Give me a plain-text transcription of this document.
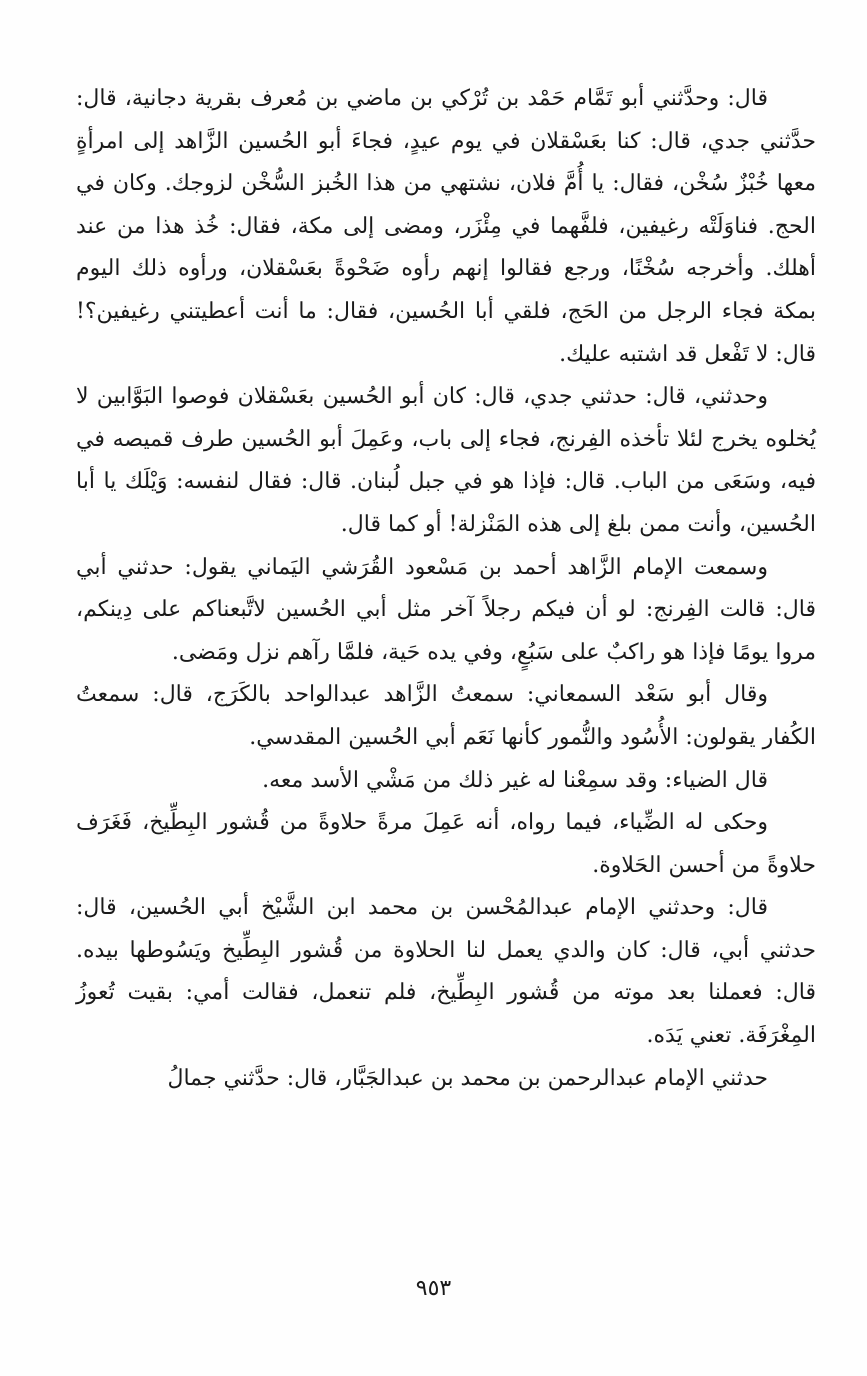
قال: وحدَّثني أبو تَمَّام حَمْد بن تُرْكي بن ماضي بن مُعرف بقرية دجانية، قال: حدَّثني جدي، قال: كنا بعَسْقلان في يوم عيدٍ، فجاءَ أبو الحُسين الزَّاهد إلى امرأةٍ معها خُبْزٌ سُخْن، فقال: يا أُمَّ فلان، نشتهي من هذا الخُبز السُّخْن لزوجك. وكان في الحج. فناوَلَتْه رغيفين، فلفَّهما في مِئْزَر، ومضى إلى مكة، فقال: خُذ هذا من عند أهلك. وأخرجه سُخْنًا، ورجع فقالوا إنهم رأوه ضَحْوةً بعَسْقلان، ورأوه ذلك اليوم بمكة فجاء الرجل من الحَج، فلقي أبا الحُسين، فقال: ما أنت أعطيتني رغيفين؟! قال: لا تَفْعل قد اشتبه عليك.

وحدثني، قال: حدثني جدي، قال: كان أبو الحُسين بعَسْقلان فوصوا البَوَّابين لا يُخلوه يخرج لئلا تأخذه الفِرنج، فجاء إلى باب، وعَمِلَ أبو الحُسين طرف قميصه في فيه، وسَعَى من الباب. قال: فإذا هو في جبل لُبنان. قال: فقال لنفسه: وَيْلَك يا أبا الحُسين، وأنت ممن بلغ إلى هذه المَنْزلة! أو كما قال.

وسمعت الإمام الزَّاهد أحمد بن مَسْعود القُرَشي اليَماني يقول: حدثني أبي قال: قالت الفِرنج: لو أن فيكم رجلاً آخر مثل أبي الحُسين لاتَّبعناكم على دِينكم، مروا يومًا فإذا هو راكبٌ على سَبُعٍ، وفي يده حَية، فلمَّا رآهم نزل ومَضى.

وقال أبو سَعْد السمعاني: سمعتُ الزَّاهد عبدالواحد بالكَرَج، قال: سمعتُ الكُفار يقولون: الأُسُود والنُّمور كأنها نَعَم أبي الحُسين المقدسي.

قال الضياء: وقد سمِعْنا له غير ذلك من مَشْي الأسد معه.

وحكى له الضِّياء، فيما رواه، أنه عَمِلَ مرةً حلاوةً من قُشور البِطِّيخ، فَغَرَف حلاوةً من أحسن الحَلاوة.

قال: وحدثني الإمام عبدالمُحْسن بن محمد ابن الشَّيْخ أبي الحُسين، قال: حدثني أبي، قال: كان والدي يعمل لنا الحلاوة من قُشور البِطِّيخ ويَسُوطها بيده. قال: فعملنا بعد موته من قُشور البِطِّيخ، فلم تنعمل، فقالت أمي: بقيت تُعوزُ المِغْرَفَة. تعني يَدَه.

حدثني الإمام عبدالرحمن بن محمد بن عبدالجَبَّار، قال: حدَّثني جمالُ

٩٥٣
